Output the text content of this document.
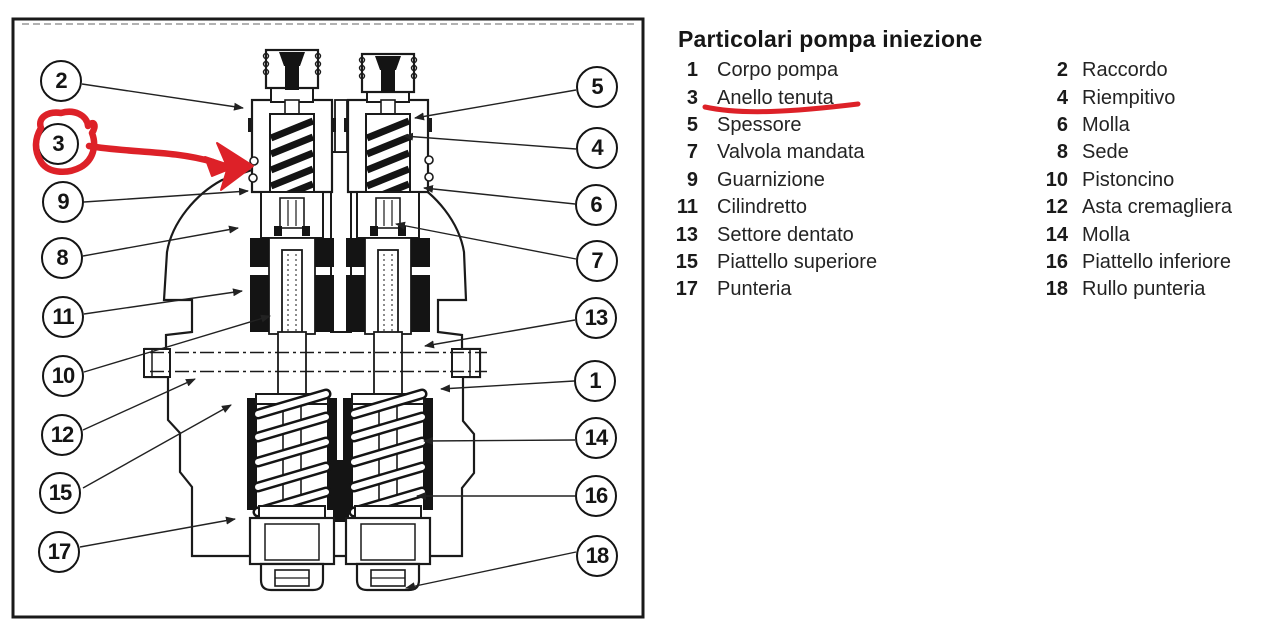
2
3
9
8
11
10
12
15
17
5
4
6
7
13
1
14
16
18
Particolari pompa iniezione
1 Corpo pompa
3 Anello tenuta
5 Spessore
7 Valvola mandata
9 Guarnizione
11 Cilindretto
13 Settore dentato
15 Piattello superiore
17 Punteria
2 Raccordo
4 Riempitivo
6 Molla
8 Sede
10 Pistoncino
12 Asta cremagliera
14 Molla
16 Piattello inferiore
18 Rullo punteria
